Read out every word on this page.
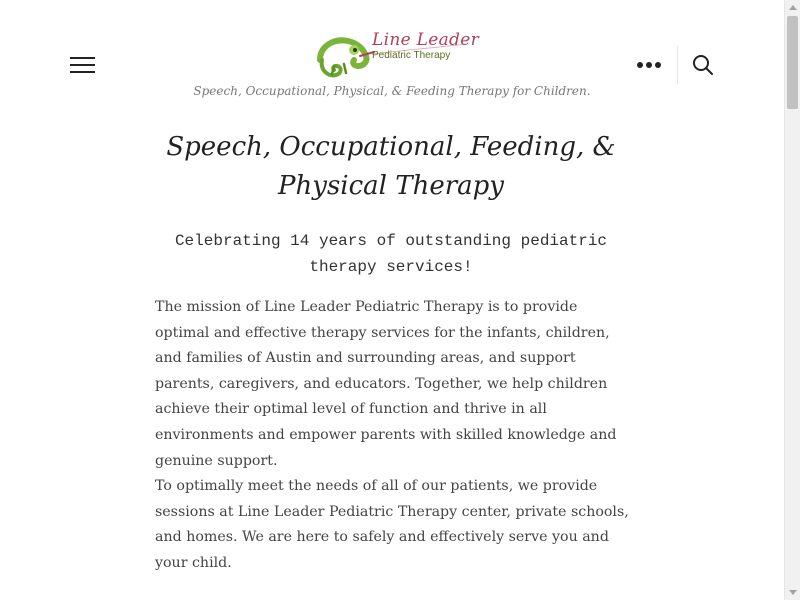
Line Leader
Pediatric Therapy
Speech, Occupational, Physical, & Feeding Therapy for Children.
Speech, Occupational, Feeding, & Physical Therapy
Celebrating 14 years of outstanding pediatric therapy services!

The mission of Line Leader Pediatric Therapy is to provide optimal and effective therapy services for the infants, children, and families of Austin and surrounding areas, and support parents, caregivers, and educators. Together, we help children achieve their optimal level of function and thrive in all environments and empower parents with skilled knowledge and genuine support.

To optimally meet the needs of all of our patients, we provide sessions at Line Leader Pediatric Therapy center, private schools, and homes. We are here to safely and effectively serve you and your child.
